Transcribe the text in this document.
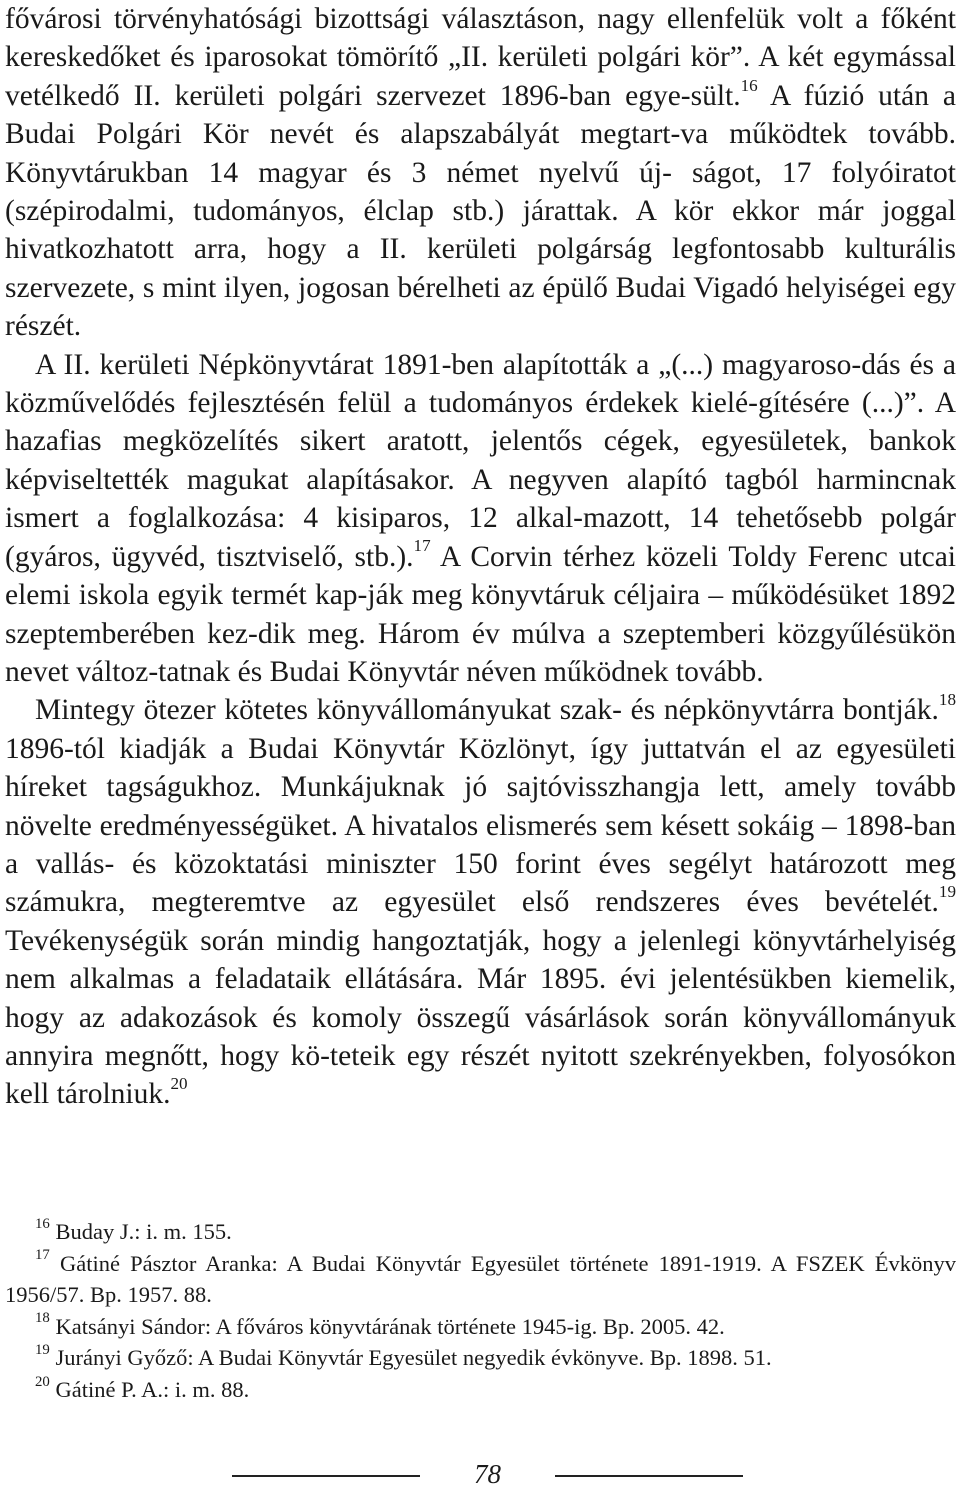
fővárosi törvényhatósági bizottsági választáson, nagy ellenfelük volt a főként kereskedőket és iparosokat tömörítő „II. kerületi polgári kör”. A két egymással vetélkedő II. kerületi polgári szervezet 1896-ban egye-sült.$^{16}$ A fúzió után a Budai Polgári Kör nevét és alapszabályát megtart-va működtek tovább. Könyvtárukban 14 magyar és 3 német nyelvű új- ságot, 17 folyóiratot (szépirodalmi, tudományos, élclap stb.) járattak. A kör ekkor már joggal hivatkozhatott arra, hogy a II. kerületi polgárság legfontosabb kulturális szervezete, s mint ilyen, jogosan bérelheti az épülő Budai Vigadó helyiségei egy részét.

A II. kerületi Népkönyvtárat 1891-ben alapították a „(...) magyaroso-dás és a közművelődés fejlesztésén felül a tudományos érdekek kielé-gítésére (...)”. A hazafias megközelítés sikert aratott, jelentős cégek, egyesületek, bankok képviseltették magukat alapításakor. A negyven alapító tagból harmincnak ismert a foglalkozása: 4 kisiparos, 12 alkal-mazott, 14 tehetősebb polgár (gyáros, ügyvéd, tisztviselő, stb.).$^{17}$ A Corvin térhez közeli Toldy Ferenc utcai elemi iskola egyik termét kap-ják meg könyvtáruk céljaira – működésüket 1892 szeptemberében kez-dik meg. Három év múlva a szeptemberi közgyűlésükön nevet változ-tatnak és Budai Könyvtár néven működnek tovább.

Mintegy ötezer kötetes könyvállományukat szak- és népkönyvtárra bontják.$^{18}$ 1896-tól kiadják a Budai Könyvtár Közlönyt, így juttatván el az egyesületi híreket tagságukhoz. Munkájuknak jó sajtóvisszhangja lett, amely tovább növelte eredményességüket. A hivatalos elismerés sem késett sokáig – 1898-ban a vallás- és közoktatási miniszter 150 forint éves segélyt határozott meg számukra, megteremtve az egyesület első rendszeres éves bevételét.$^{19}$ Tevékenységük során mindig hangoztatják, hogy a jelenlegi könyvtárhelyiség nem alkalmas a feladataik ellátására. Már 1895. évi jelentésükben kiemelik, hogy az adakozások és komoly összegű vásárlások során könyvállományuk annyira megnőtt, hogy kö-teteik egy részét nyitott szekrényekben, folyosókon kell tárolniuk.$^{20}$

$^{16}$ Buday J.: i. m. 155.

$^{17}$ Gátiné Pásztor Aranka: A Budai Könyvtár Egyesület története 1891-1919. A FSZEK Évkönyv 1956/57. Bp. 1957. 88.

$^{18}$ Katsányi Sándor: A főváros könyvtárának története 1945-ig. Bp. 2005. 42.

$^{19}$ Jurányi Győző: A Budai Könyvtár Egyesület negyedik évkönyve. Bp. 1898. 51.

$^{20}$ Gátiné P. A.: i. m. 88.

78
